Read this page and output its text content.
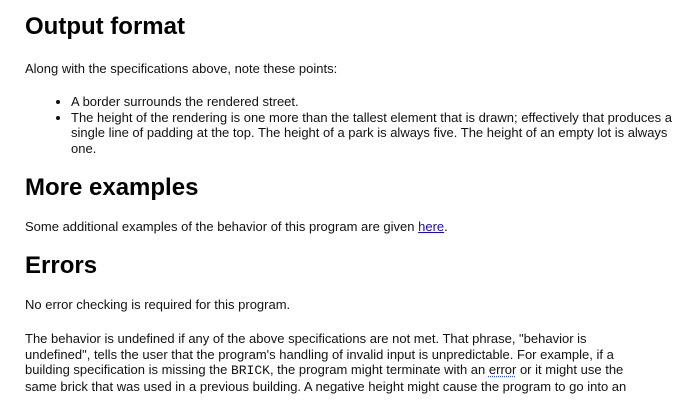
Output format

Along with the specifications above, note these points:

• A border surrounds the rendered street.
• The height of the rendering is one more than the tallest element that is drawn; effectively that produces a single line of padding at the top. The height of a park is always five. The height of an empty lot is always one.
More examples

Some additional examples of the behavior of this program are given here.

Errors

No error checking is required for this program.

The behavior is undefined if any of the above specifications are not met. That phrase, "behavior is undefined", tells the user that the program's handling of invalid input is unpredictable. For example, if a building specification is missing the BRICK, the program might terminate with an error or it might use the same brick that was used in a previous building. A negative height might cause the program to go into an
